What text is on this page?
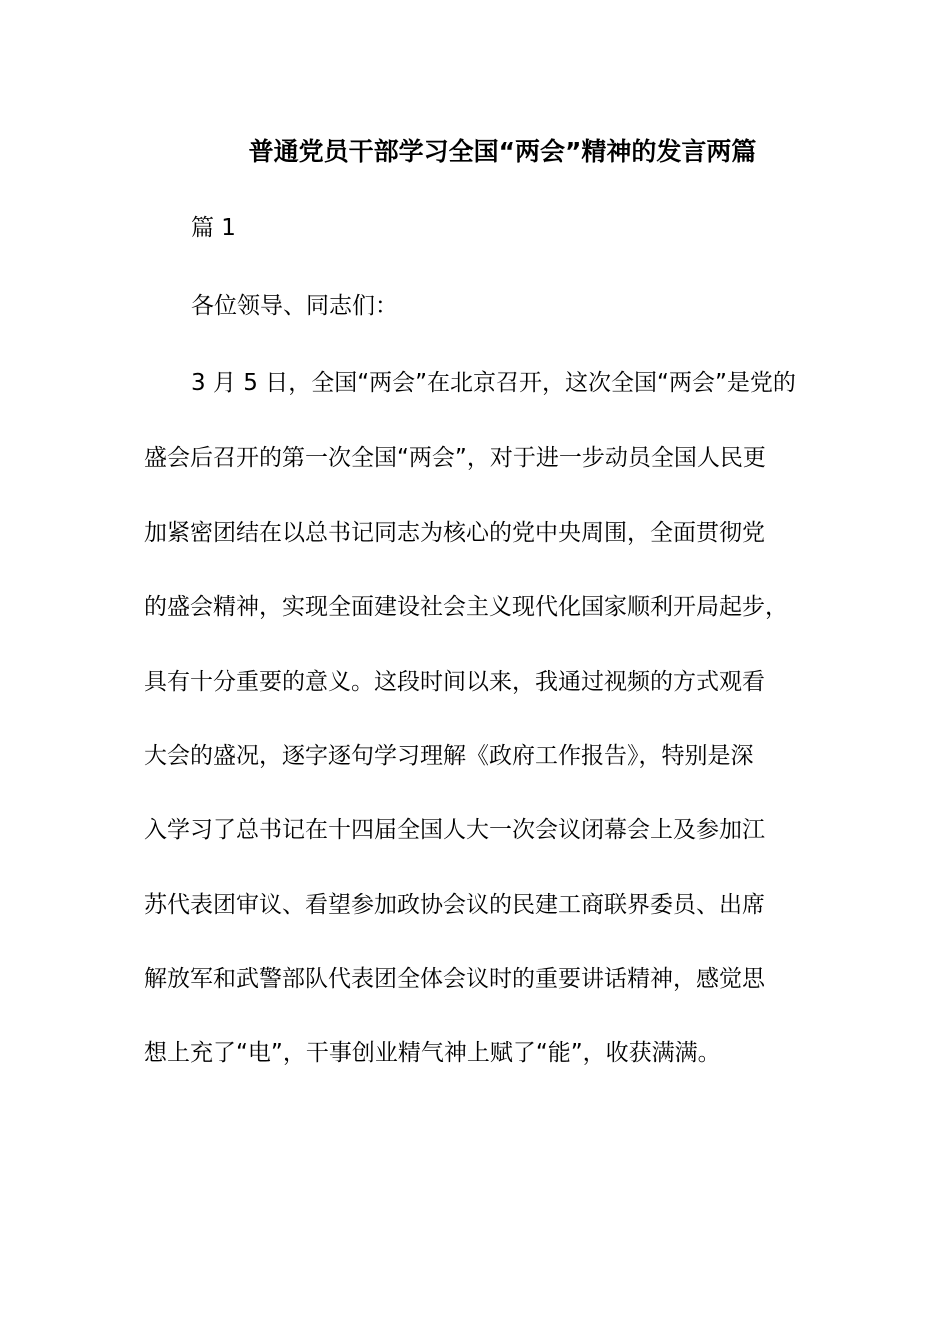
普通党员干部学习全国“两会”精神的发言两篇
篇 1
各位领导、同志们：
3 月 5 日，全国“两会”在北京召开，这次全国“两会”是党的
盛会后召开的第一次全国“两会”，对于进一步动员全国人民更
加紧密团结在以总书记同志为核心的党中央周围，全面贯彻党
的盛会精神，实现全面建设社会主义现代化国家顺利开局起步，
具有十分重要的意义。这段时间以来，我通过视频的方式观看
大会的盛况，逐字逐句学习理解《政府工作报告》，特别是深
入学习了总书记在十四届全国人大一次会议闭幕会上及参加江
苏代表团审议、看望参加政协会议的民建工商联界委员、出席
解放军和武警部队代表团全体会议时的重要讲话精神，感觉思
想上充了“电”，干事创业精气神上赋了“能”，收获满满。
